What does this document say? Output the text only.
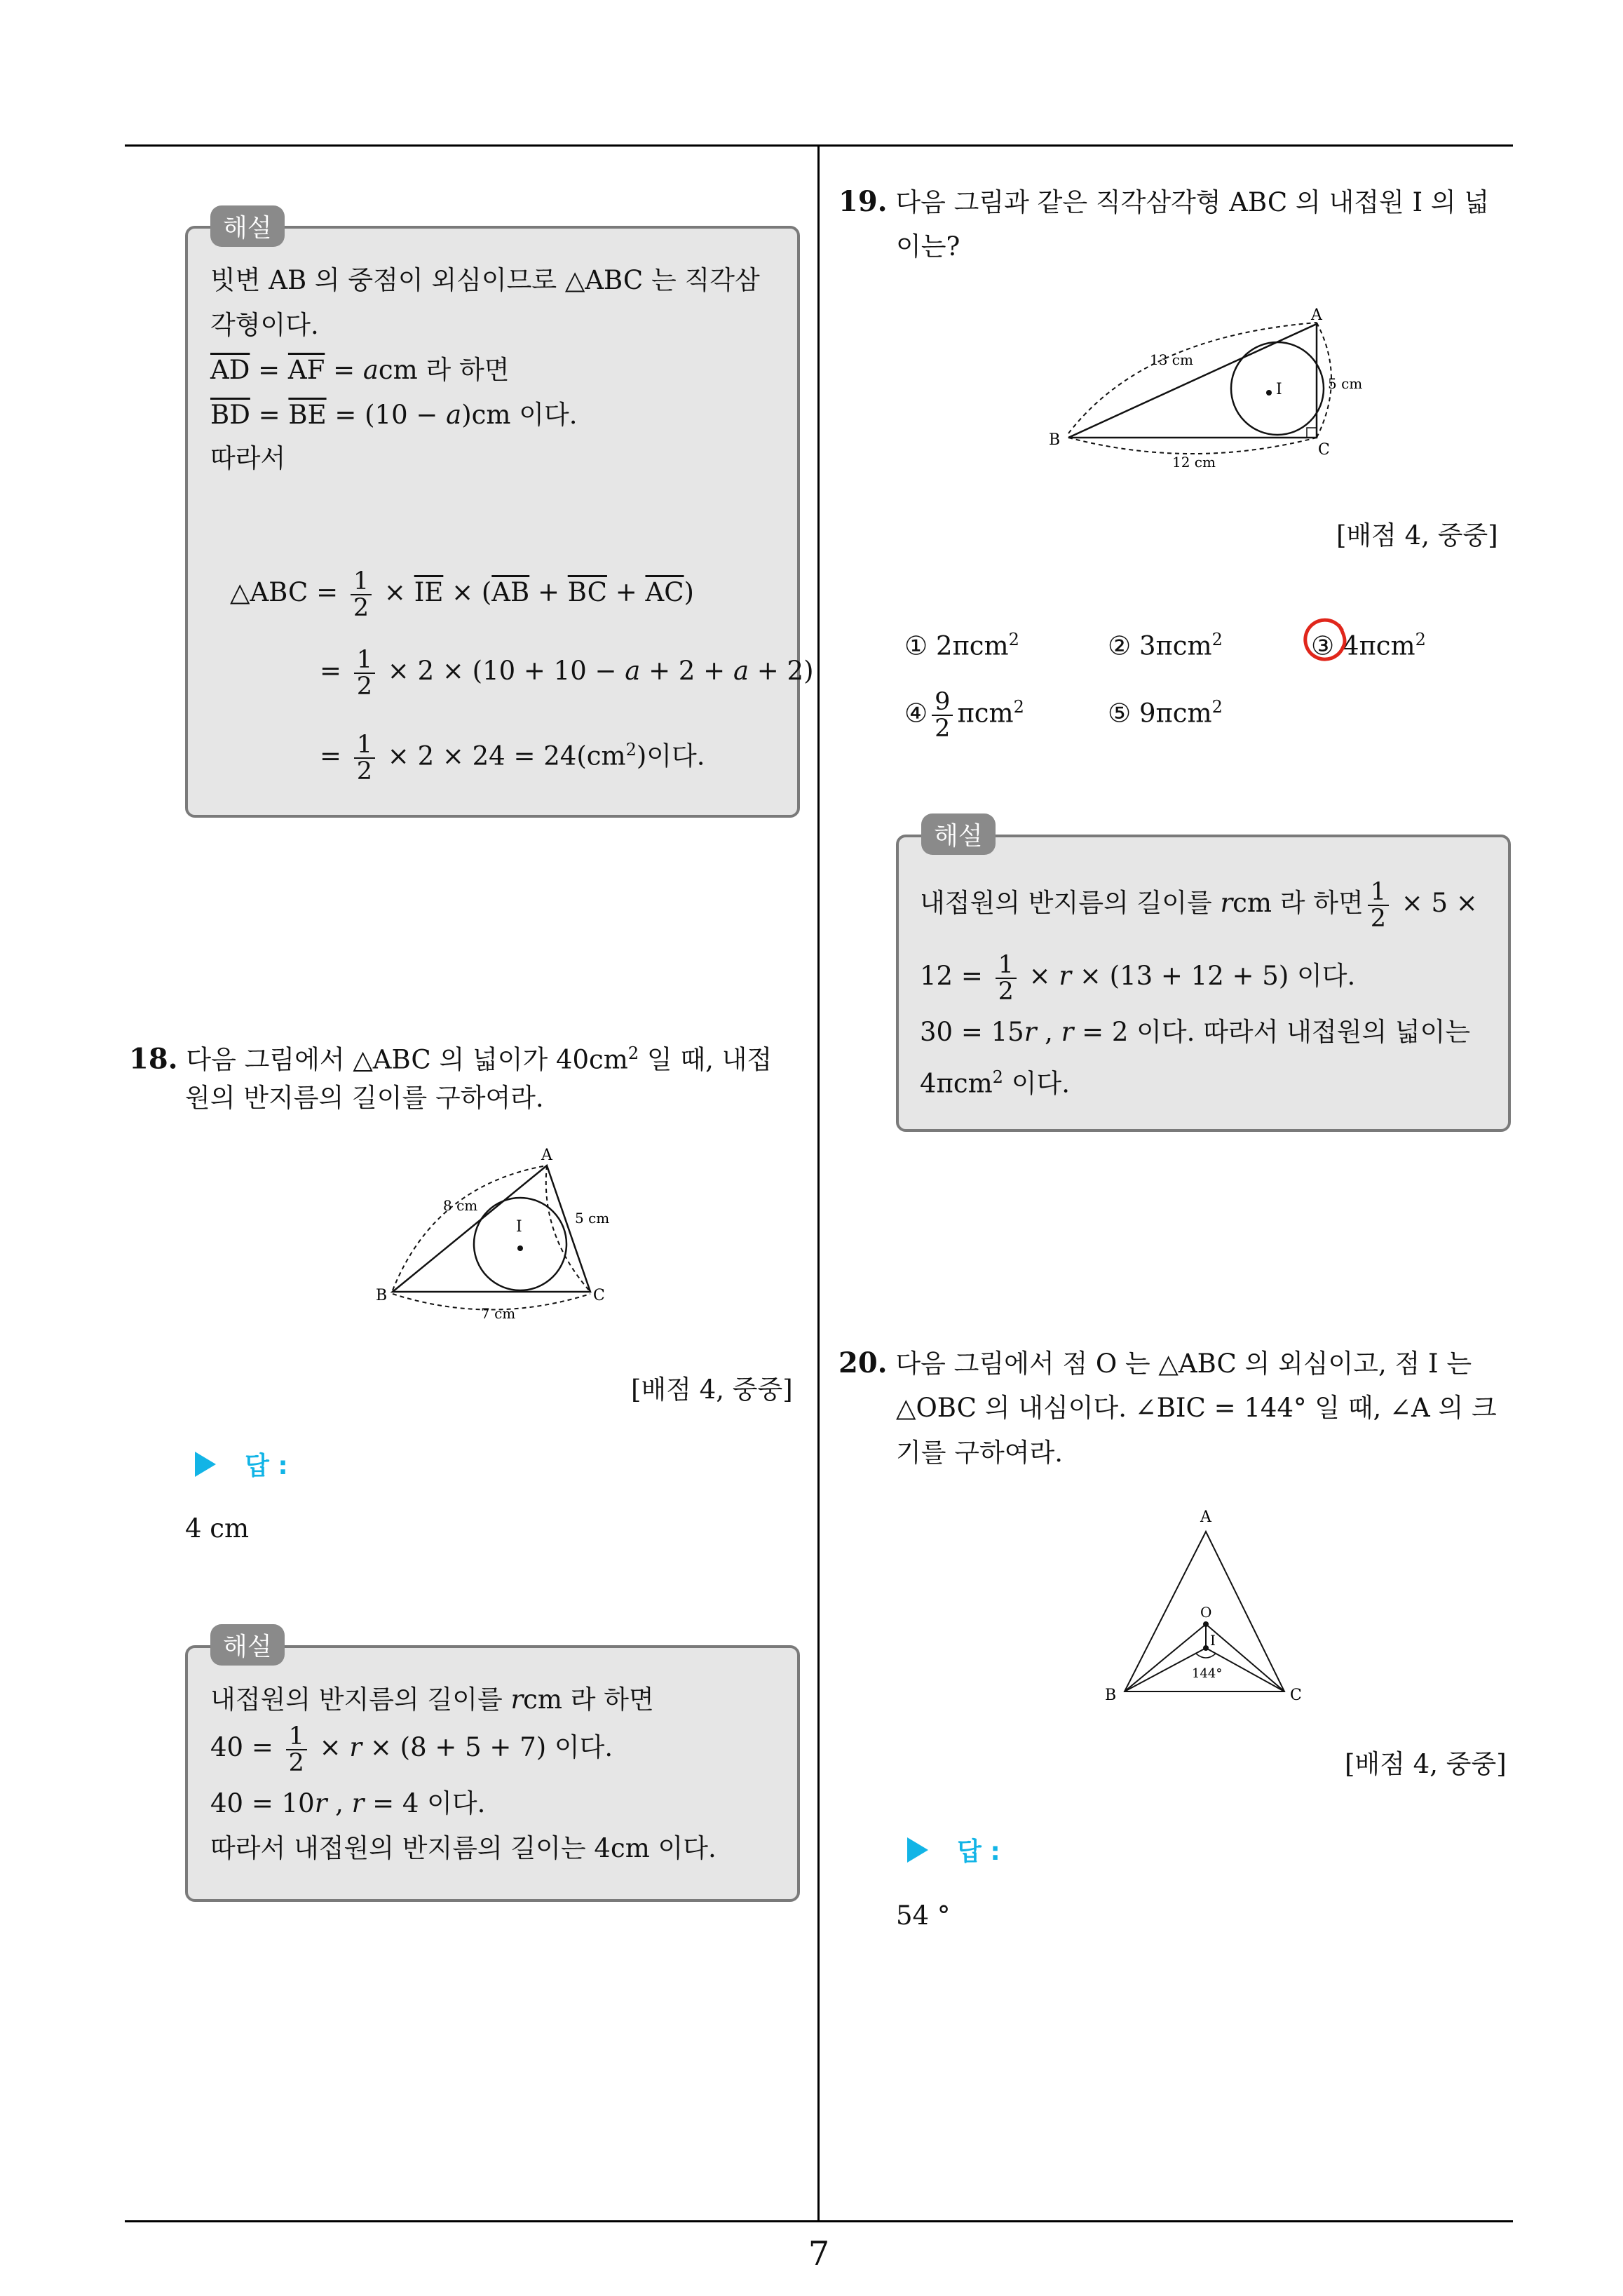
7
해설
빗변 AB 의 중점이 외심이므로 △ABC 는 직각삼
각형이다.
$\overline{AD} = \overline{AF}$ = acm 라 하면
$\overline{BD} = \overline{BE} = (10 - a)cm$ 이다.
따라서
△ABC = $\frac{1}{2} \times \overline{IE} \times (\overline{AB} + \overline{BC} + \overline{AC})$
= $\frac{1}{2} \times 2 \times (10 + 10 - a + 2 + a + 2)$
= $\frac{1}{2} \times 2 \times 24 = 24(cm^2)$이다.
18. 다음 그림에서 △ABC 의 넓이가 $40cm^2$ 일 때, 내접
원의 반지름의 길이를 구하여라.
I
A
B	C
8 cm
5 cm
7 cm
[배점 4, 중중]
답 :
4 cm
해설
내접원의 반지름의 길이를 rcm 라 하면
$40 = \frac{1}{2} \times r \times (8 + 5 + 7)$ 이다.
40 = 10r , r = 4 이다.
따라서 내접원의 반지름의 길이는 4cm 이다.
19. 다음 그림과 같은 직각삼각형 ABC 의 내접원 I 의 넓
이는?
I
A
B
C
13 cm
5 cm
12 cm
[배점 4, 중중]
① 2πcm$^2$	② 3πcm$^2$	③ 4πcm$^2$
④ $\frac{9}{2} \pi cm^2$	⑤ 9πcm$^2$
해설
내접원의 반지름의 길이를 rcm 라 하면 $\frac{1}{2} \times 5$ ×
$12 = \frac{1}{2} \times r \times (13 + 12 + 5)$ 이다.
30 = 15r , r = 2 이다. 따라서 내접원의 넓이는
4πcm$^2$ 이다.
20. 다음 그림에서 점 O 는 △ABC 의 외심이고, 점 I 는
△OBC 의 내심이다. ∠BIC = 144° 일 때, ∠A 의 크
기를 구하여라.
A
B	C
O
I
144°
[배점 4, 중중]
답 :
54 °
